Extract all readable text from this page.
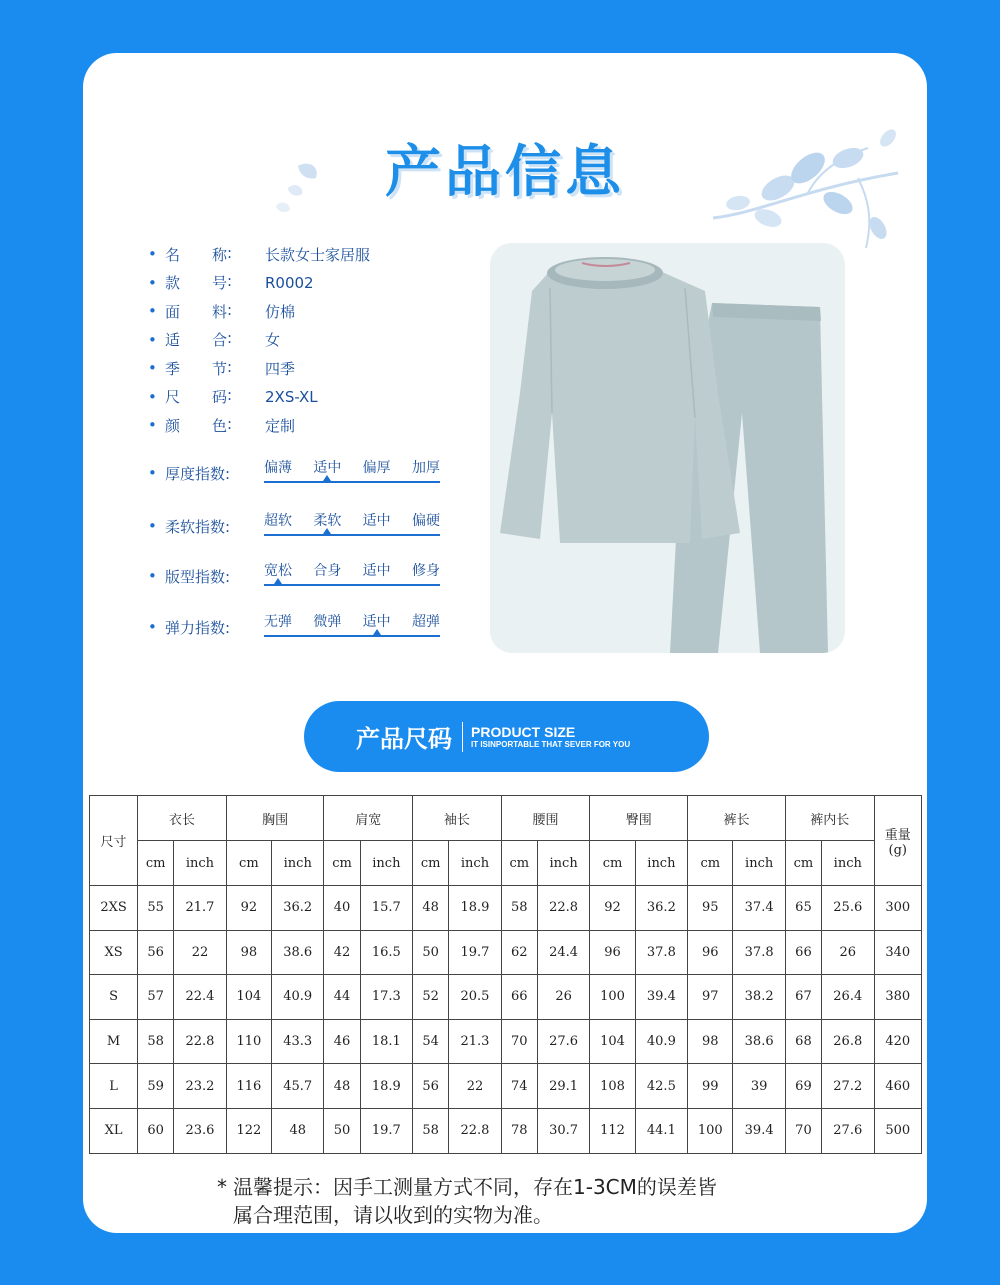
产品信息
• 名	称 : 长款女士家居服
• 款	号 : R0002
• 面	料 : 仿棉
• 适	合 : 女
• 季	节 : 四季
• 尺	码 : 2XS-XL
• 颜	色 : 定制
• 厚度指数:	偏薄 适中 偏厚 加厚
• 柔软指数:	超软 柔软 适中 偏硬
• 版型指数:	宽松 合身 适中 修身
• 弹力指数:	无弹 微弹 适中 超弹
产品尺码 PRODUCT SIZE
IT ISINPORTABLE THAT SEVER FOR YOU
尺寸	衣长		胸围		肩宽		袖长		腰围		臀围		裤长		裤内长		重量
(g)

	cm	inch	cm	inch	cm	inch	cm	inch	cm	inch	cm	inch	cm	inch	cm	inch	
2XS	55	21.7	92	36.2	40	15.7	48	18.9	58	22.8	92	36.2	95	37.4	65	25.6	300
XS	56	22	98	38.6	42	16.5	50	19.7	62	24.4	96	37.8	96	37.8	66	26	340
S	57	22.4	104	40.9	44	17.3	52	20.5	66	26	100	39.4	97	38.2	67	26.4	380
M	58	22.8	110	43.3	46	18.1	54	21.3	70	27.6	104	40.9	98	38.6	68	26.8	420
L	59	23.2	116	45.7	48	18.9	56	22	74	29.1	108	42.5	99	39	69	27.2	460
XL	60	23.6	122	48	50	19.7	58	22.8	78	30.7	112	44.1	100	39.4	70	27.6	500
* 温馨提示：因手工测量方式不同，存在1-3CM的误差皆
属合理范围，请以收到的实物为准。
